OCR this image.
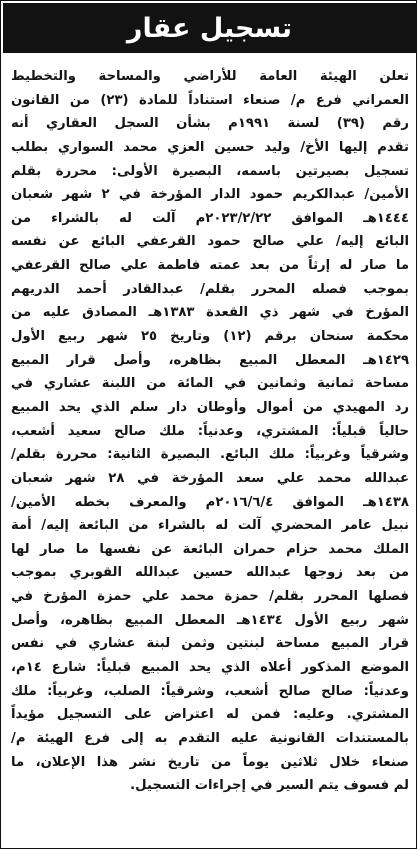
تسجيل عقار
تعلن الهيئة العامة للأراضي والمساحة والتخطيط
العمراني فرع م/ صنعاء استناداً للمادة (٢٣) من القانون
رقم (٣٩) لسنة ١٩٩١م بشأن السجل العقاري أنه
تقدم إليها الأخ/ وليد حسين العزي محمد السواري بطلب
تسجيل بصيرتين باسمه، البصيرة الأولى: محررة بقلم
الأمين/ عبدالكريم حمود الدار المؤرخة في ٢ شهر شعبان
١٤٤٤هـ الموافق ٢٠٢٣/٢/٢٢م آلت له بالشراء من
البائع إليه/ علي صالح حمود القرعفي البائع عن نفسه
ما صار له إرثاً من بعد عمته فاطمة علي صالح القرعفي
بموجب فصله المحرر بقلم/ عبدالقادر أحمد الدريهم
المؤرخ في شهر ذي القعدة ١٣٨٣هـ المصادق عليه من
محكمة سنحان برقم (١٢) وتاريخ ٢٥ شهر ربيع الأول
١٤٢٩هـ المعطل المبيع بظاهره، وأصل قرار المبيع
مساحة ثمانية وثمانين في المائة من اللبنة عشاري في
رد المهيدي من أموال وأوطان دار سلم الذي يحد المبيع
حالياً قبلياً: المشتري، وعدنياً: ملك صالح سعيد أشعب،
وشرقياً وغربياً: ملك البائع. البصيرة الثانية: محررة بقلم/
عبدالله محمد علي سعد المؤرخة في ٢٨ شهر شعبان
١٤٣٨هـ الموافق ٢٠١٦/٦/٤م والمعرف بخطه الأمين/
نبيل عامر المحضري آلت له بالشراء من البائعة إليه/ أمة
الملك محمد حزام حمران البائعة عن نفسها ما صار لها
من بعد زوجها عبدالله حسين عبدالله القوبري بموجب
فصلها المحرر بقلم/ حمزة محمد علي حمزة المؤرخ في
شهر ربيع الأول ١٤٣٤هـ المعطل المبيع بظاهره، وأصل
قرار المبيع مساحة لبنتين وثمن لبنة عشاري في نفس
الموضع المذكور أعلاه الذي يحد المبيع قبلياً: شارع ١٤م،
وعدنياً: صالح صالح أشعب، وشرقياً: الصلب، وغربياً: ملك
المشتري. وعليه: فمن له اعتراض على التسجيل مؤيداً
بالمستندات القانونية عليه التقدم به إلى فرع الهيئة م/
صنعاء خلال ثلاثين يوماً من تاريخ نشر هذا الإعلان، ما
لم فسوف يتم السير في إجراءات التسجيل.
